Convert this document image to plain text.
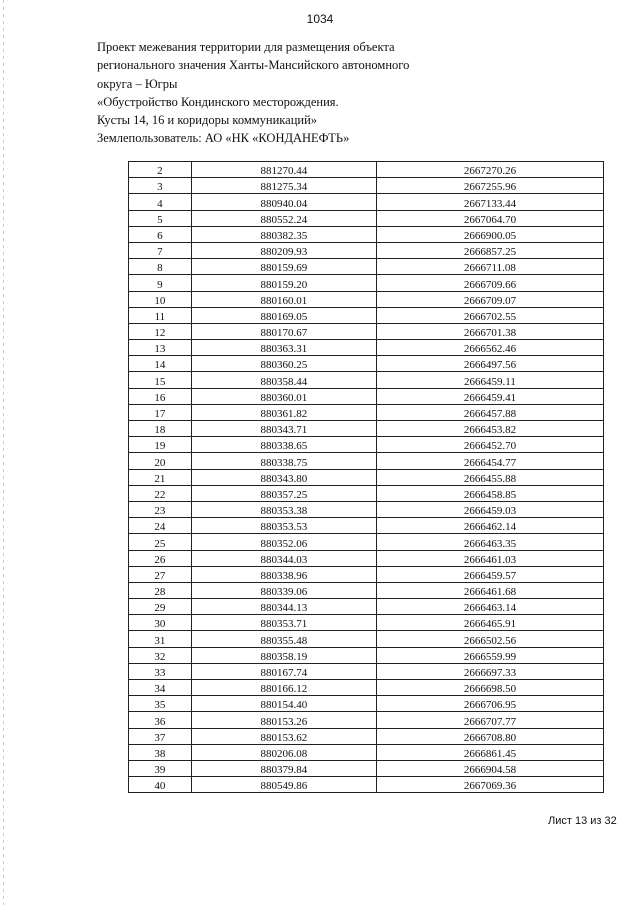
1034
Проект межевания территории для размещения объекта
регионального значения Ханты-Мансийского автономного
округа – Югры
«Обустройство Кондинского месторождения.
Кусты 14, 16 и коридоры коммуникаций»
Землепользователь: АО «НК «КОНДАНЕФТЬ»
2	881270.44	2667270.26
3	881275.34	2667255.96
4	880940.04	2667133.44
5	880552.24	2667064.70
6	880382.35	2666900.05
7	880209.93	2666857.25
8	880159.69	2666711.08
9	880159.20	2666709.66
10	880160.01	2666709.07
11	880169.05	2666702.55
12	880170.67	2666701.38
13	880363.31	2666562.46
14	880360.25	2666497.56
15	880358.44	2666459.11
16	880360.01	2666459.41
17	880361.82	2666457.88
18	880343.71	2666453.82
19	880338.65	2666452.70
20	880338.75	2666454.77
21	880343.80	2666455.88
22	880357.25	2666458.85
23	880353.38	2666459.03
24	880353.53	2666462.14
25	880352.06	2666463.35
26	880344.03	2666461.03
27	880338.96	2666459.57
28	880339.06	2666461.68
29	880344.13	2666463.14
30	880353.71	2666465.91
31	880355.48	2666502.56
32	880358.19	2666559.99
33	880167.74	2666697.33
34	880166.12	2666698.50
35	880154.40	2666706.95
36	880153.26	2666707.77
37	880153.62	2666708.80
38	880206.08	2666861.45
39	880379.84	2666904.58
40	880549.86	2667069.36
Лист 13 из 32
